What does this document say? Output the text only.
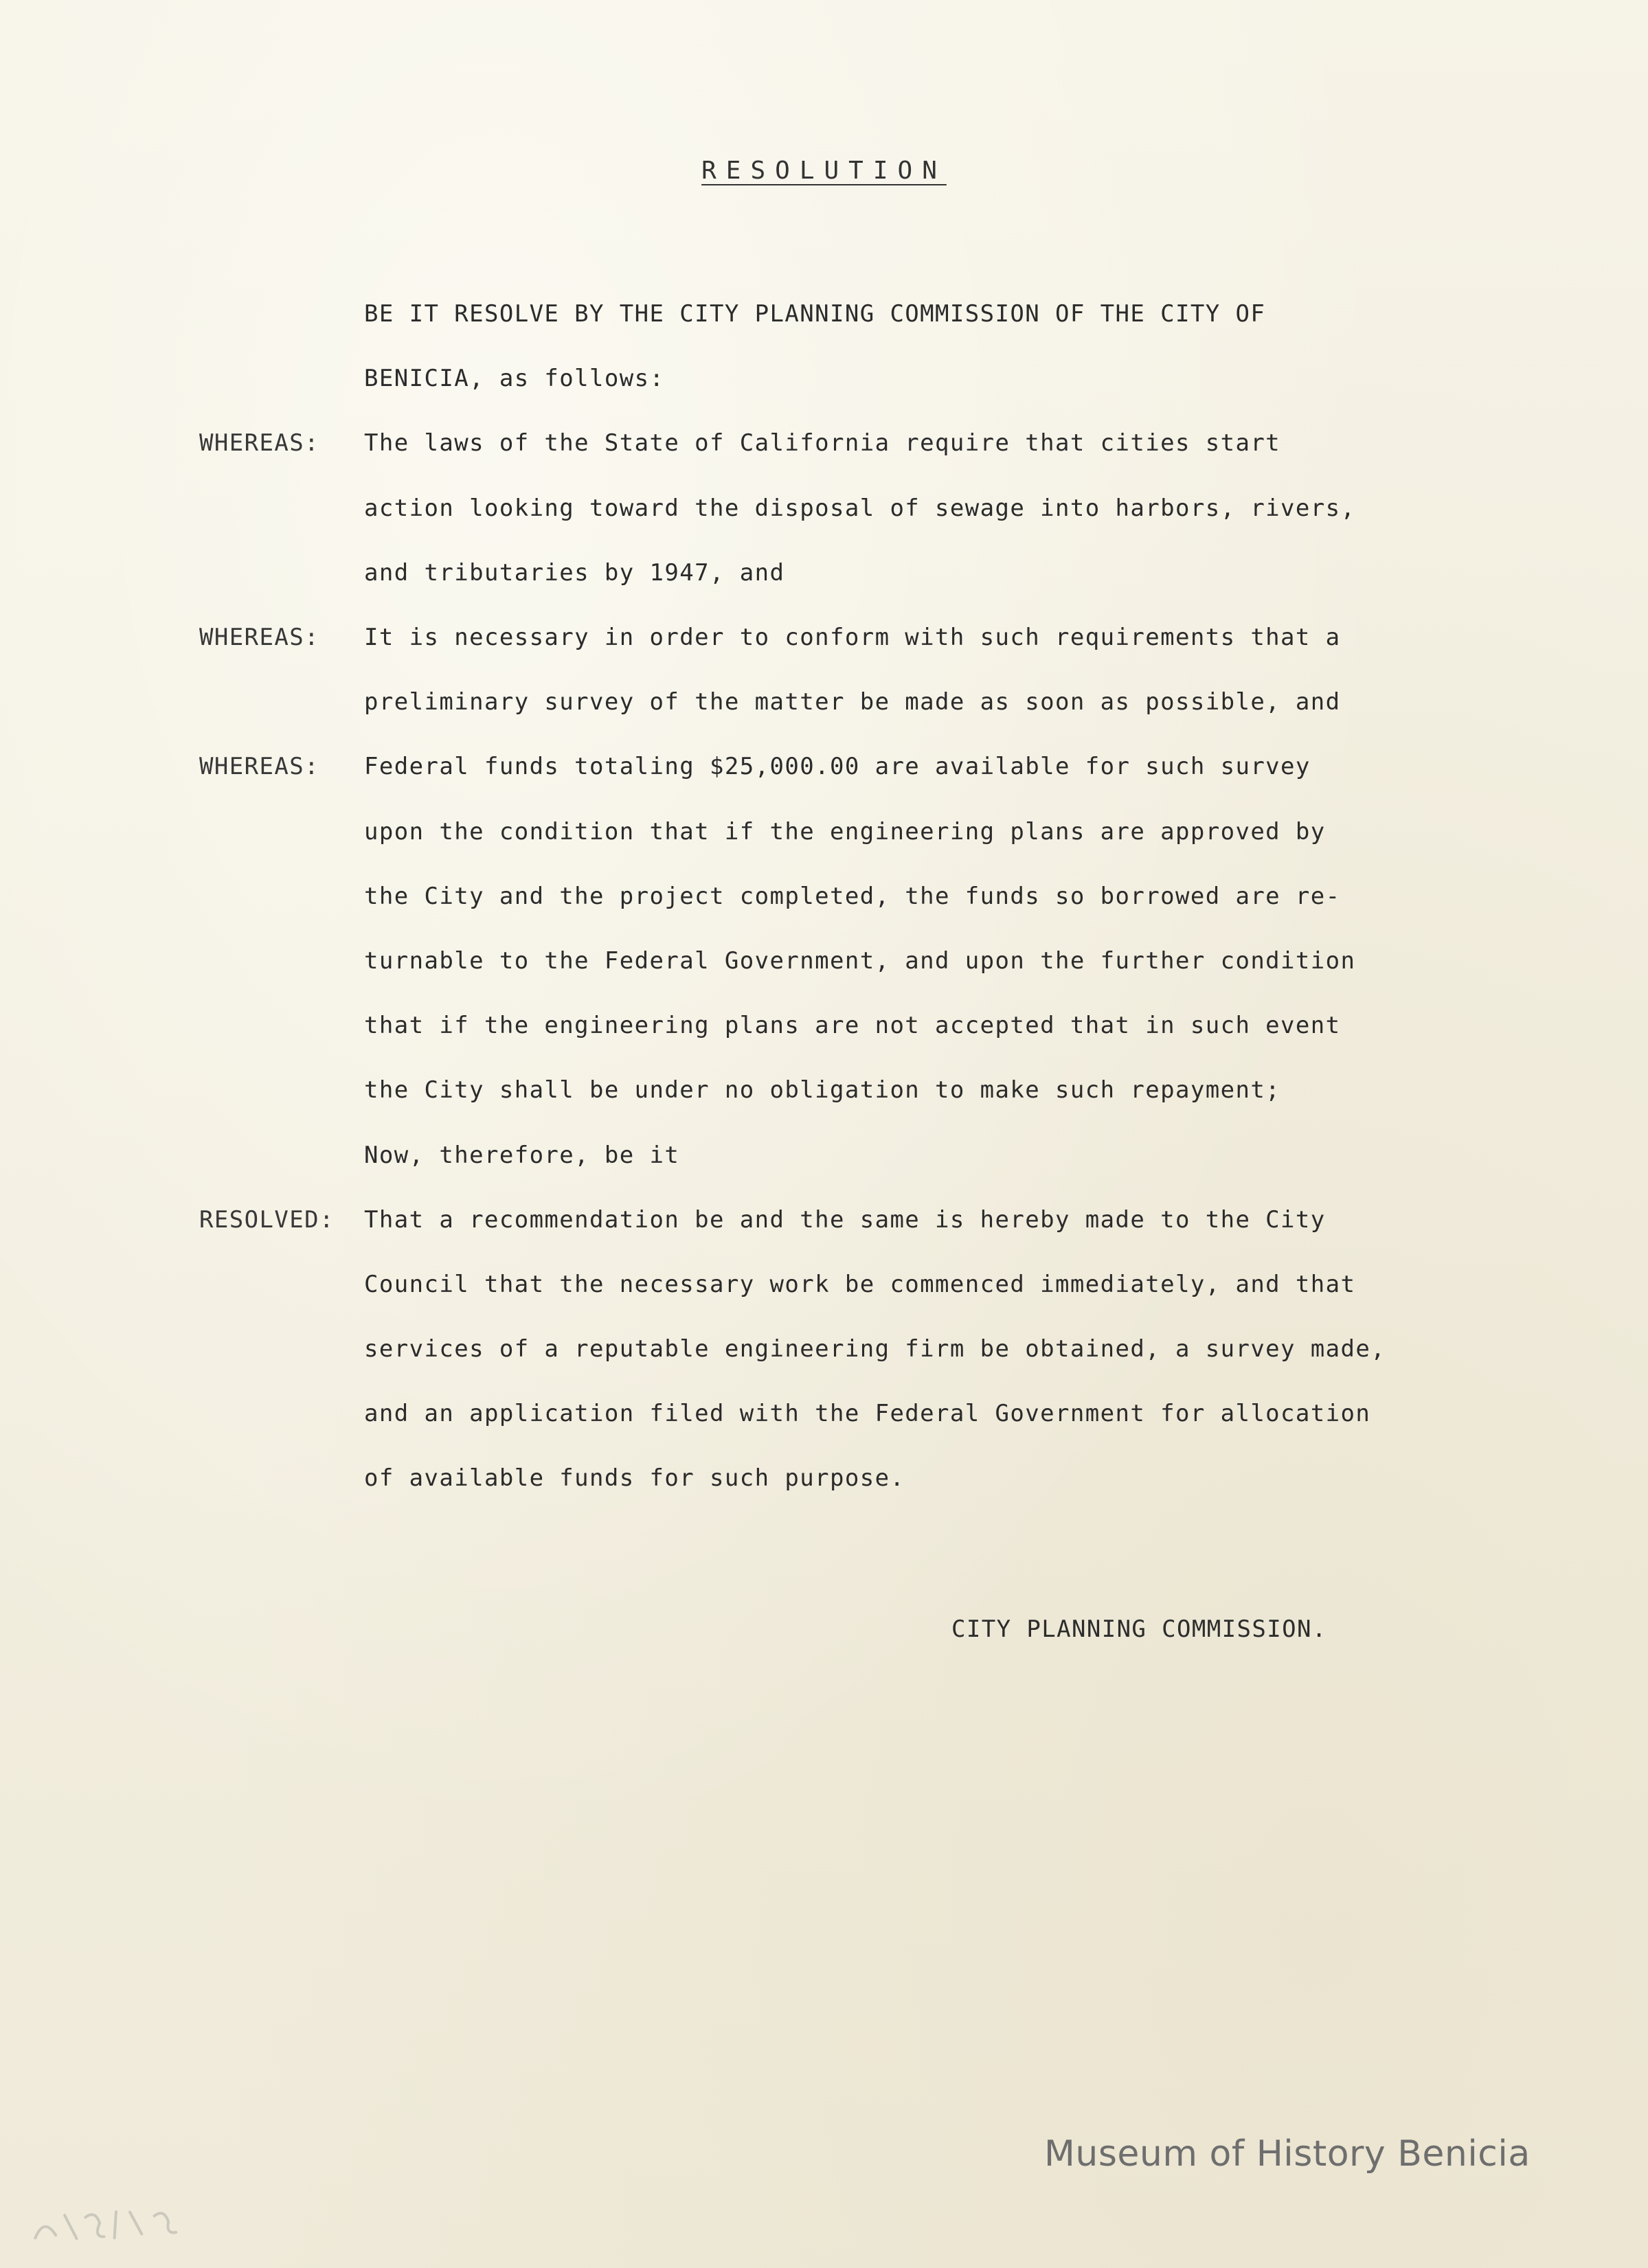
RESOLUTION
BE IT RESOLVE BY THE CITY PLANNING COMMISSION OF THE CITY OF
BENICIA, as follows:
WHEREAS:	The laws of the State of California require that cities start
action looking toward the disposal of sewage into harbors, rivers,
and tributaries by 1947, and
WHEREAS:	It is necessary in order to conform with such requirements that a
preliminary survey of the matter be made as soon as possible, and
WHEREAS:	Federal funds totaling $25,000.00 are available for such survey
upon the condition that if the engineering plans are approved by
the City and the project completed, the funds so borrowed are re-
turnable to the Federal Government, and upon the further condition
that if the engineering plans are not accepted that in such event
the City shall be under no obligation to make such repayment;
Now, therefore, be it
RESOLVED:	That a recommendation be and the same is hereby made to the City
Council that the necessary work be commenced immediately, and that
services of a reputable engineering firm be obtained, a survey made,
and an application filed with the Federal Government for allocation
of available funds for such purpose.
CITY PLANNING COMMISSION.
Museum of History Benicia
